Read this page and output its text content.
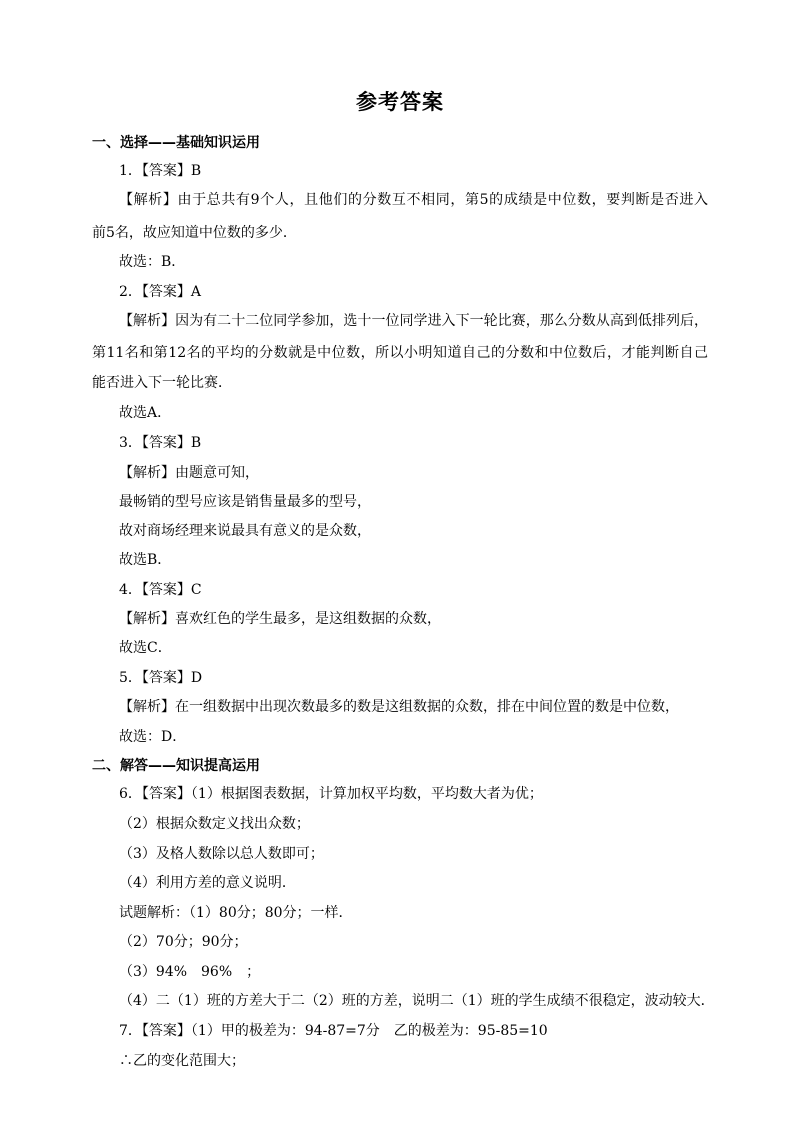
参考答案
一、选择——基础知识运用
1．【答案】B
【解析】由于总共有9个人，且他们的分数互不相同，第5的成绩是中位数，要判断是否进入
前5名，故应知道中位数的多少．
故选：B．
2．【答案】A
【解析】因为有二十二位同学参加，选十一位同学进入下一轮比赛，那么分数从高到低排列后，
第11名和第12名的平均的分数就是中位数，所以小明知道自己的分数和中位数后，才能判断自己
能否进入下一轮比赛．
故选A．
3．【答案】B
【解析】由题意可知，
最畅销的型号应该是销售量最多的型号，
故对商场经理来说最具有意义的是众数，
故选B．
4．【答案】C
【解析】喜欢红色的学生最多，是这组数据的众数，
故选C．
5．【答案】D
【解析】在一组数据中出现次数最多的数是这组数据的众数，排在中间位置的数是中位数，
故选：D．
二、解答——知识提高运用
6．【答案】（1）根据图表数据，计算加权平均数，平均数大者为优；
（2）根据众数定义找出众数；
（3）及格人数除以总人数即可；
（4）利用方差的意义说明．
试题解析：（1）80分；80分；一样．
（2）70分；90分；
（3）94%　96%　；
（4）二（1）班的方差大于二（2）班的方差，说明二（1）班的学生成绩不很稳定，波动较大．
7．【答案】（1）甲的极差为：94-87=7分　乙的极差为：95-85=10
∴乙的变化范围大；
